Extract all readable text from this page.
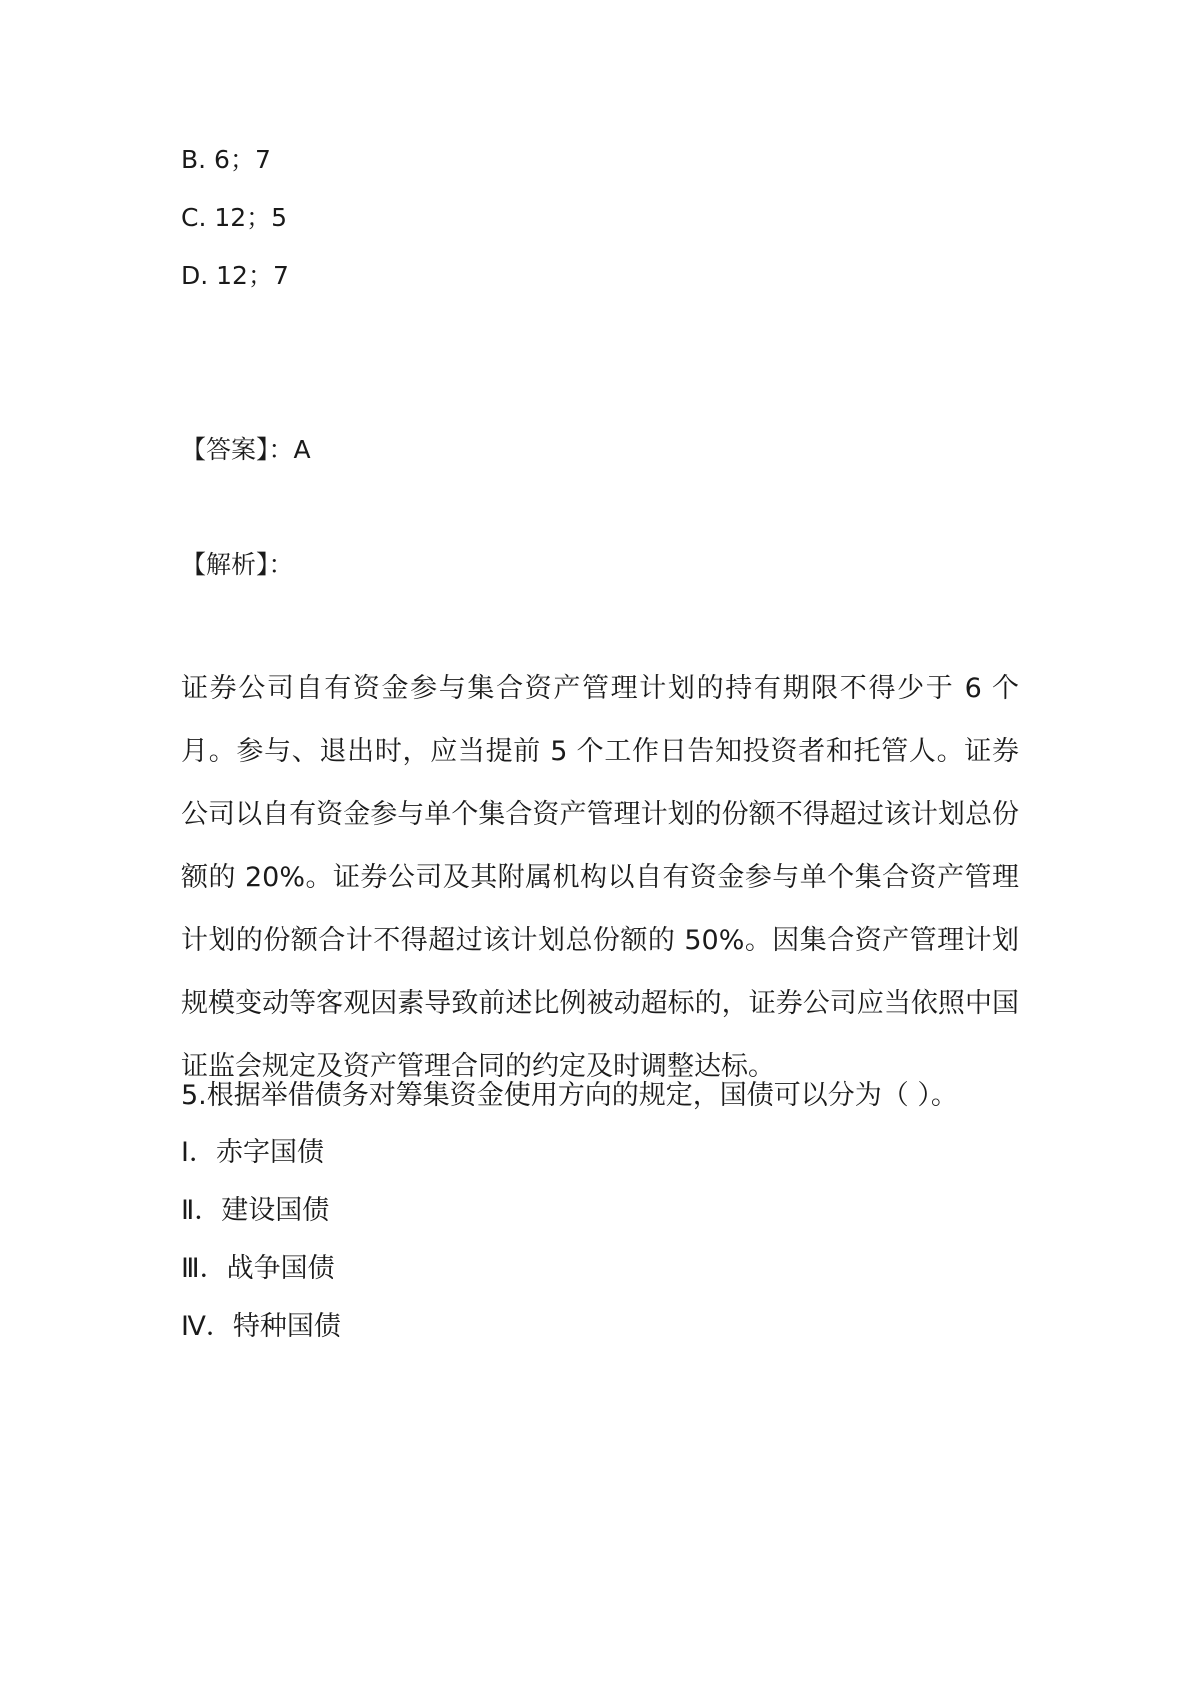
B. 6；7
C. 12；5
D. 12；7
【答案】：A
【解析】：

证券公司自有资金参与集合资产管理计划的持有期限不得少于 6 个月。参与、退出时，应当提前 5 个工作日告知投资者和托管人。证券公司以自有资金参与单个集合资产管理计划的份额不得超过该计划总份额的 20%。证券公司及其附属机构以自有资金参与单个集合资产管理计划的份额合计不得超过该计划总份额的 50%。因集合资产管理计划规模变动等客观因素导致前述比例被动超标的，证券公司应当依照中国证监会规定及资产管理合同的约定及时调整达标。

5.根据举借债务对筹集资金使用方向的规定，国债可以分为（ ）。
Ⅰ．赤字国债
Ⅱ．建设国债
Ⅲ．战争国债
Ⅳ．特种国债
